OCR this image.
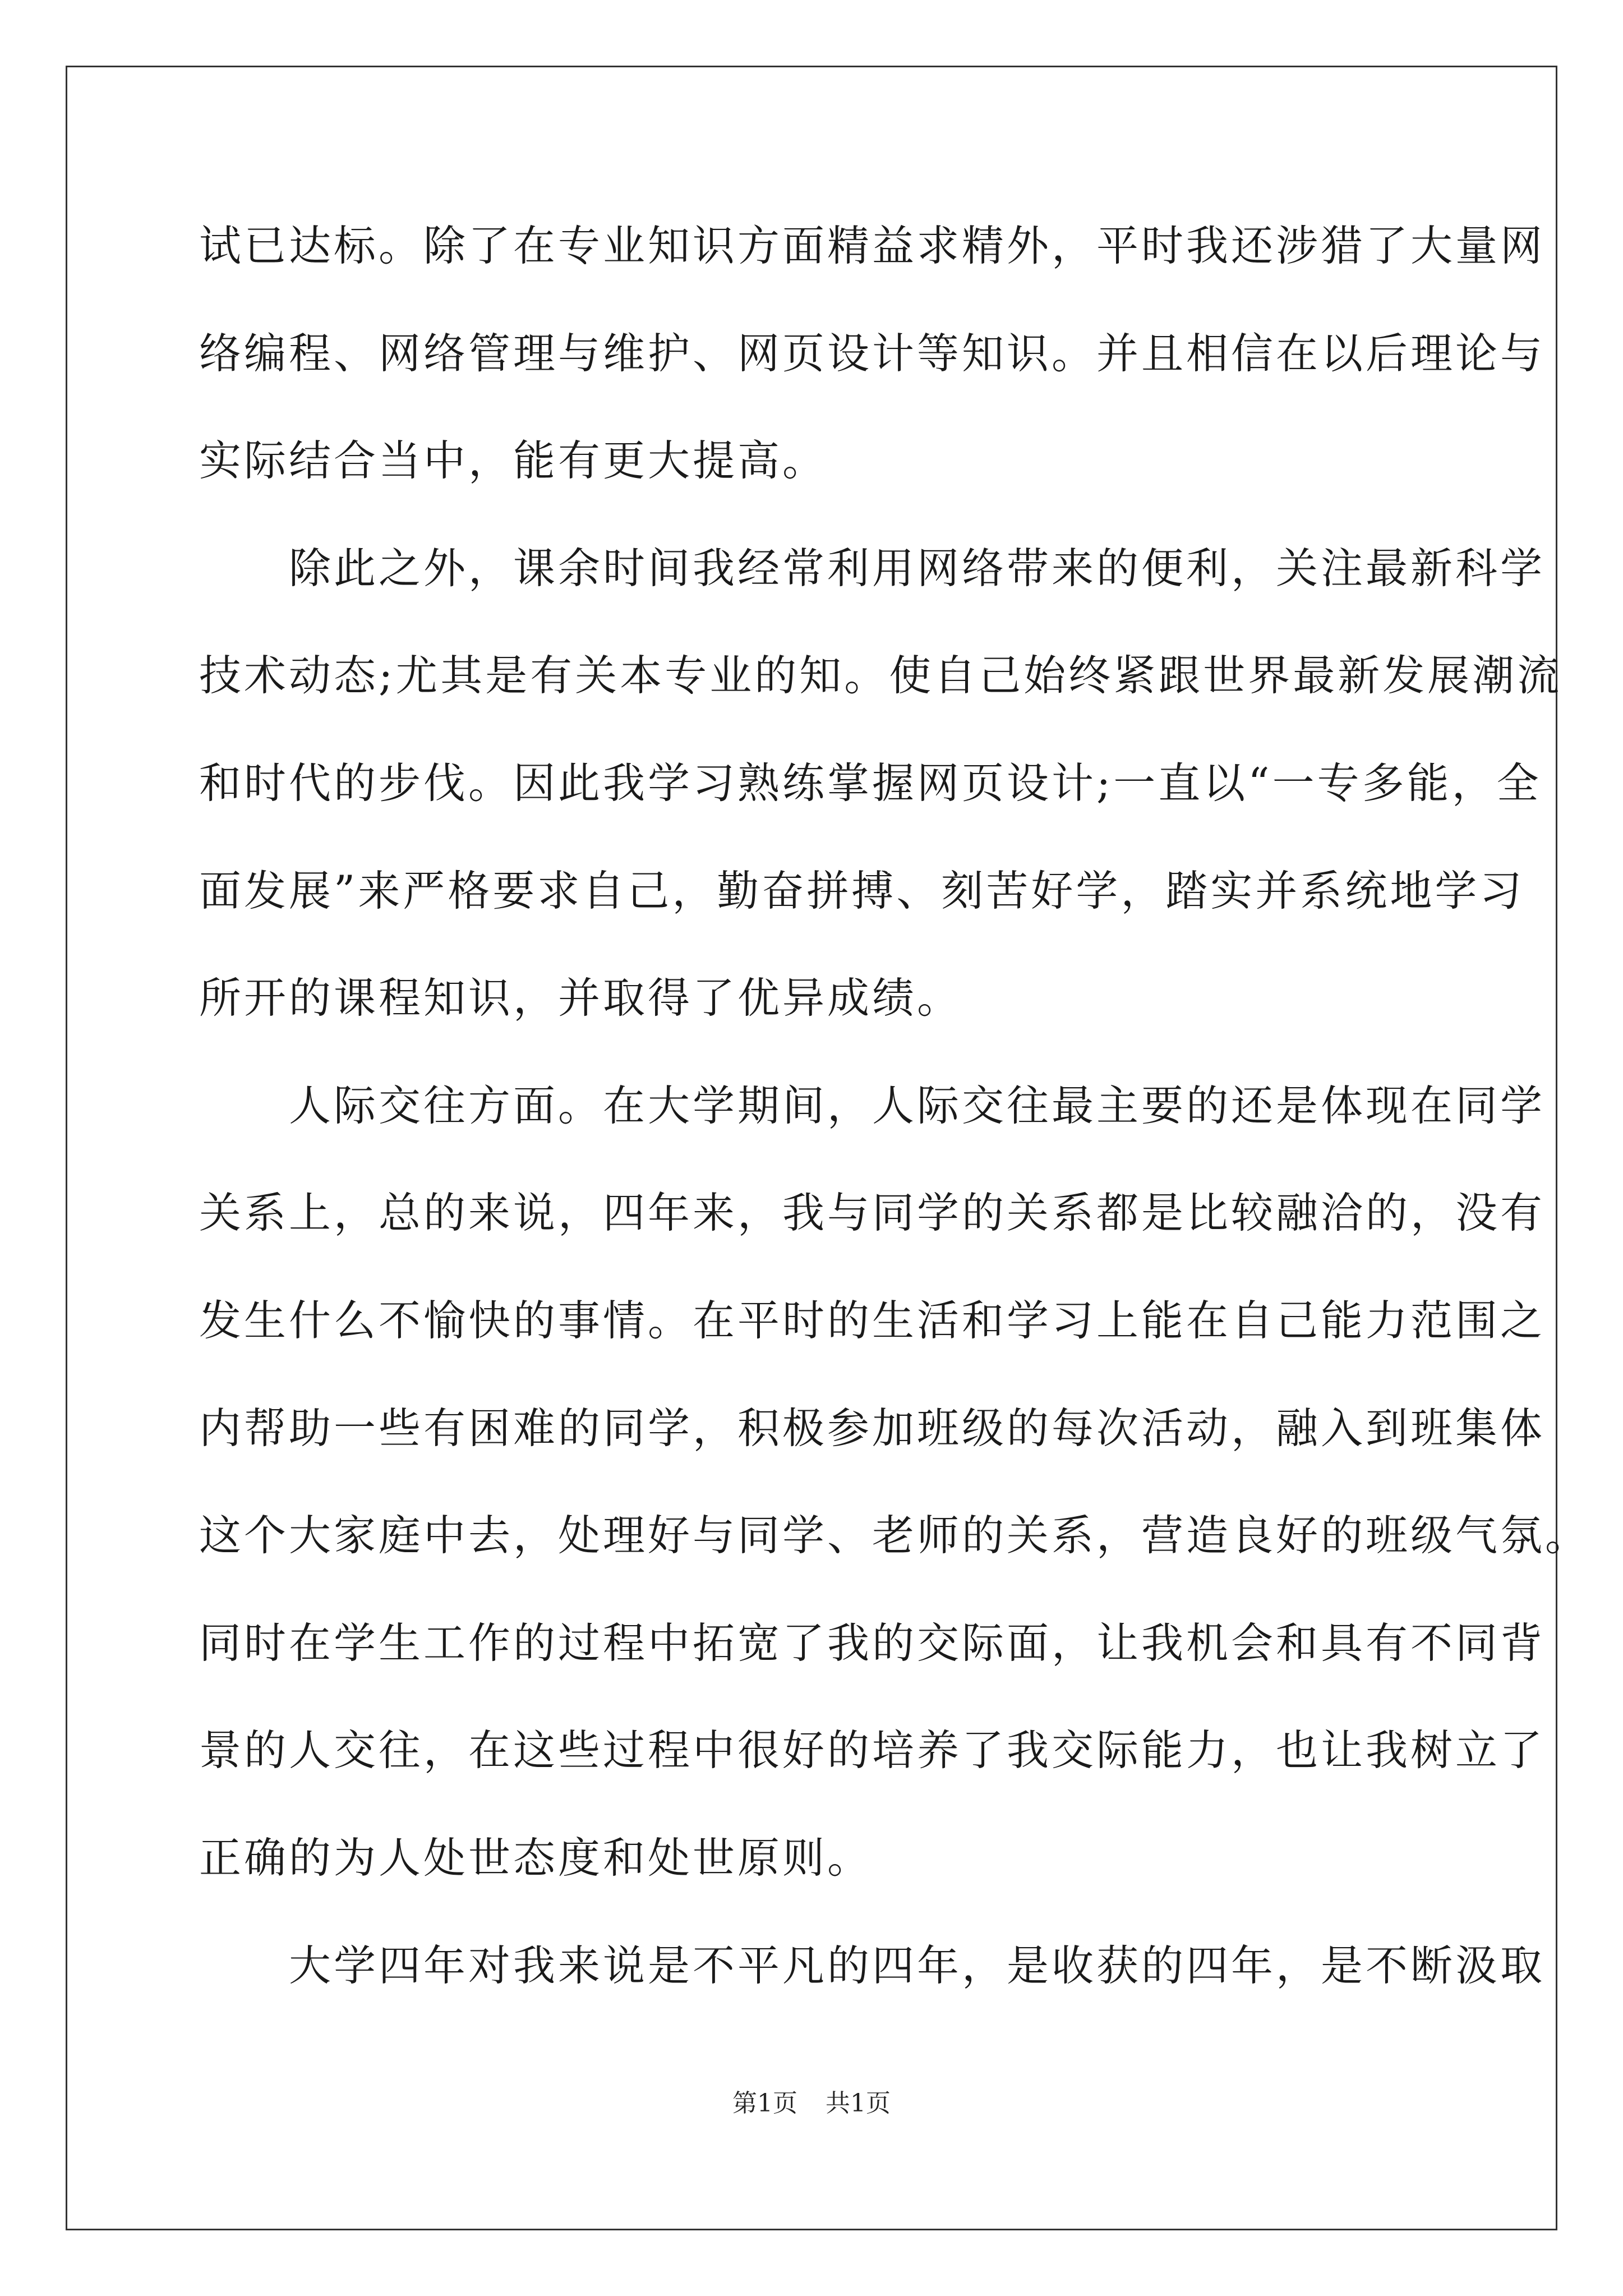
试已达标。除了在专业知识方面精益求精外，平时我还涉猎了大量网
络编程、网络管理与维护、网页设计等知识。并且相信在以后理论与
实际结合当中，能有更大提高。
　　除此之外，课余时间我经常利用网络带来的便利，关注最新科学
技术动态;尤其是有关本专业的知。使自己始终紧跟世界最新发展潮流
和时代的步伐。因此我学习熟练掌握网页设计;一直以“一专多能，全
面发展”来严格要求自己，勤奋拼搏、刻苦好学，踏实并系统地学习
所开的课程知识，并取得了优异成绩。
　　人际交往方面。在大学期间，人际交往最主要的还是体现在同学
关系上，总的来说，四年来，我与同学的关系都是比较融洽的，没有
发生什么不愉快的事情。在平时的生活和学习上能在自己能力范围之
内帮助一些有困难的同学，积极参加班级的每次活动，融入到班集体
这个大家庭中去，处理好与同学、老师的关系，营造良好的班级气氛。
同时在学生工作的过程中拓宽了我的交际面，让我机会和具有不同背
景的人交往，在这些过程中很好的培养了我交际能力，也让我树立了
正确的为人处世态度和处世原则。
　　大学四年对我来说是不平凡的四年，是收获的四年，是不断汲取
第1页 共1页
